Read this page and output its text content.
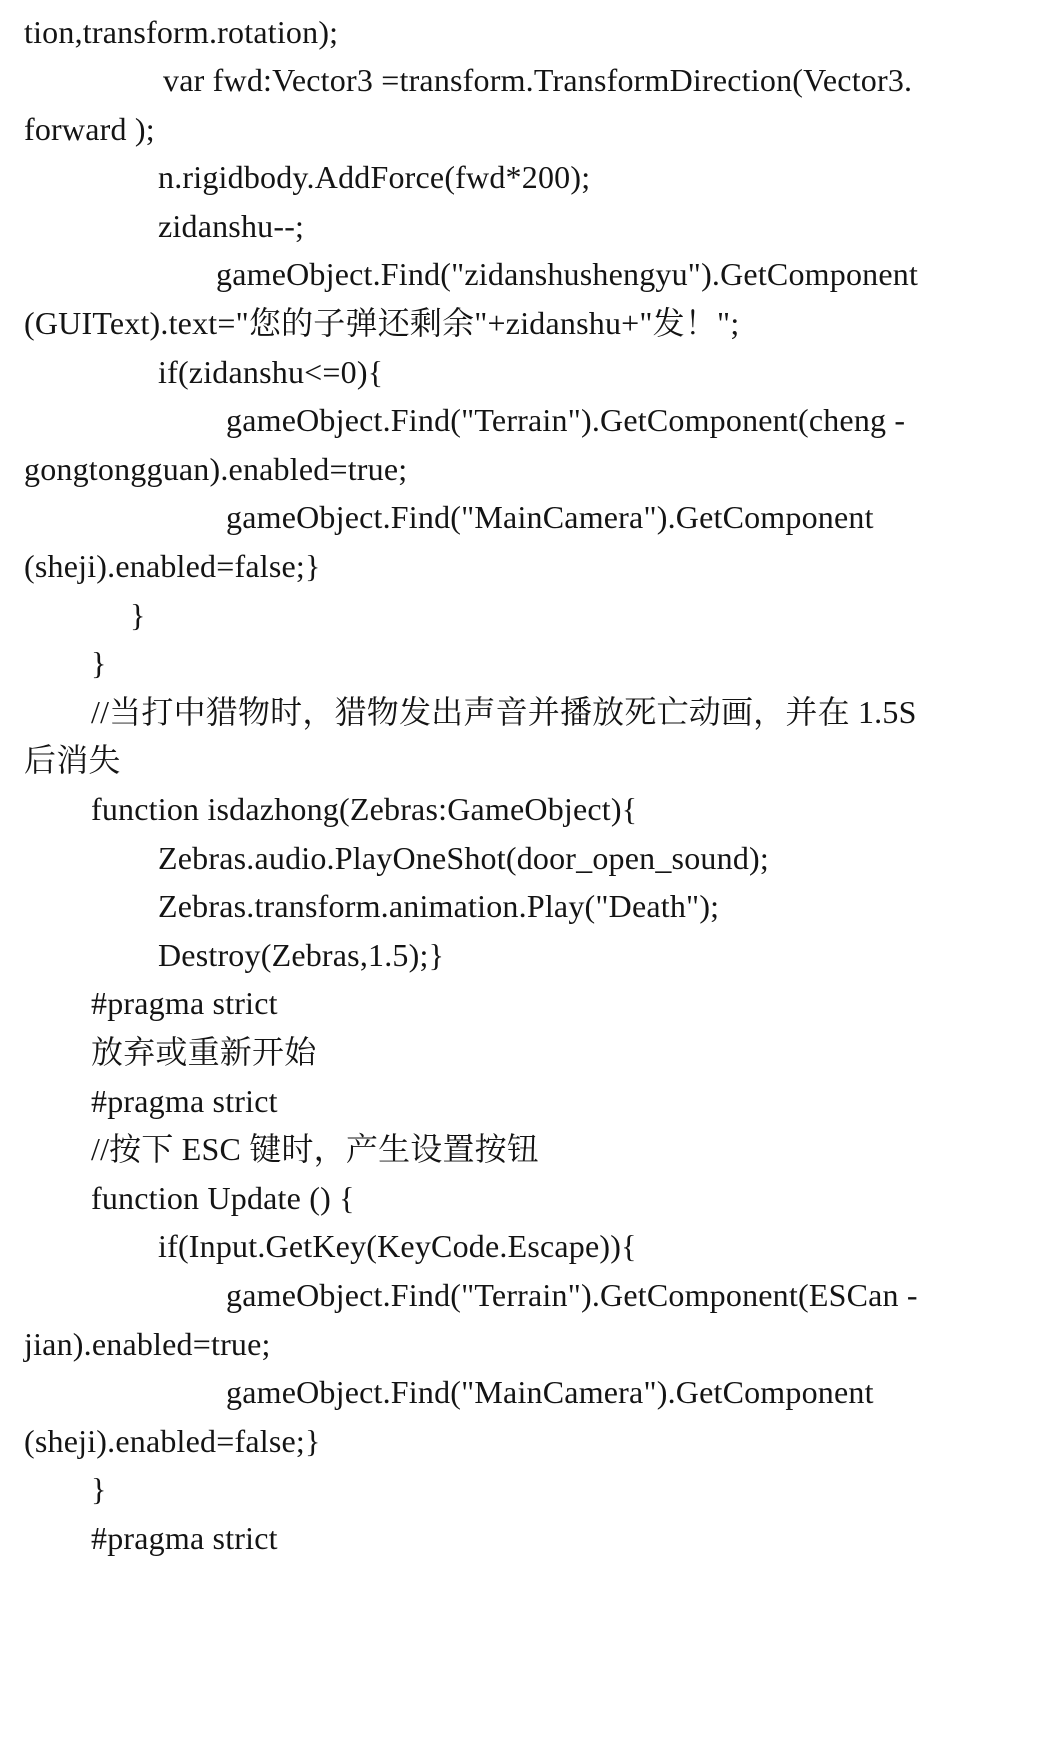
tion,transform.rotation);
var fwd:Vector3 =transform.TransformDirection(Vector3.
forward );
n.rigidbody.AddForce(fwd*200);
zidanshu--;
gameObject.Find("zidanshushengyu").GetComponent
(GUIText).text="您的子弹还剩余"+zidanshu+"发！";
if(zidanshu<=0){
gameObject.Find("Terrain").GetComponent(cheng -
gongtongguan).enabled=true;
gameObject.Find("MainCamera").GetComponent
(sheji).enabled=false;}
}
}
//当打中猎物时，猎物发出声音并播放死亡动画，并在 1.5S
后消失
function isdazhong(Zebras:GameObject){
Zebras.audio.PlayOneShot(door_open_sound);
Zebras.transform.animation.Play("Death");
Destroy(Zebras,1.5);}
#pragma strict
放弃或重新开始
#pragma strict
//按下 ESC 键时，产生设置按钮
function Update () {
if(Input.GetKey(KeyCode.Escape)){
gameObject.Find("Terrain").GetComponent(ESCan -
jian).enabled=true;
gameObject.Find("MainCamera").GetComponent
(sheji).enabled=false;}
}
#pragma strict
